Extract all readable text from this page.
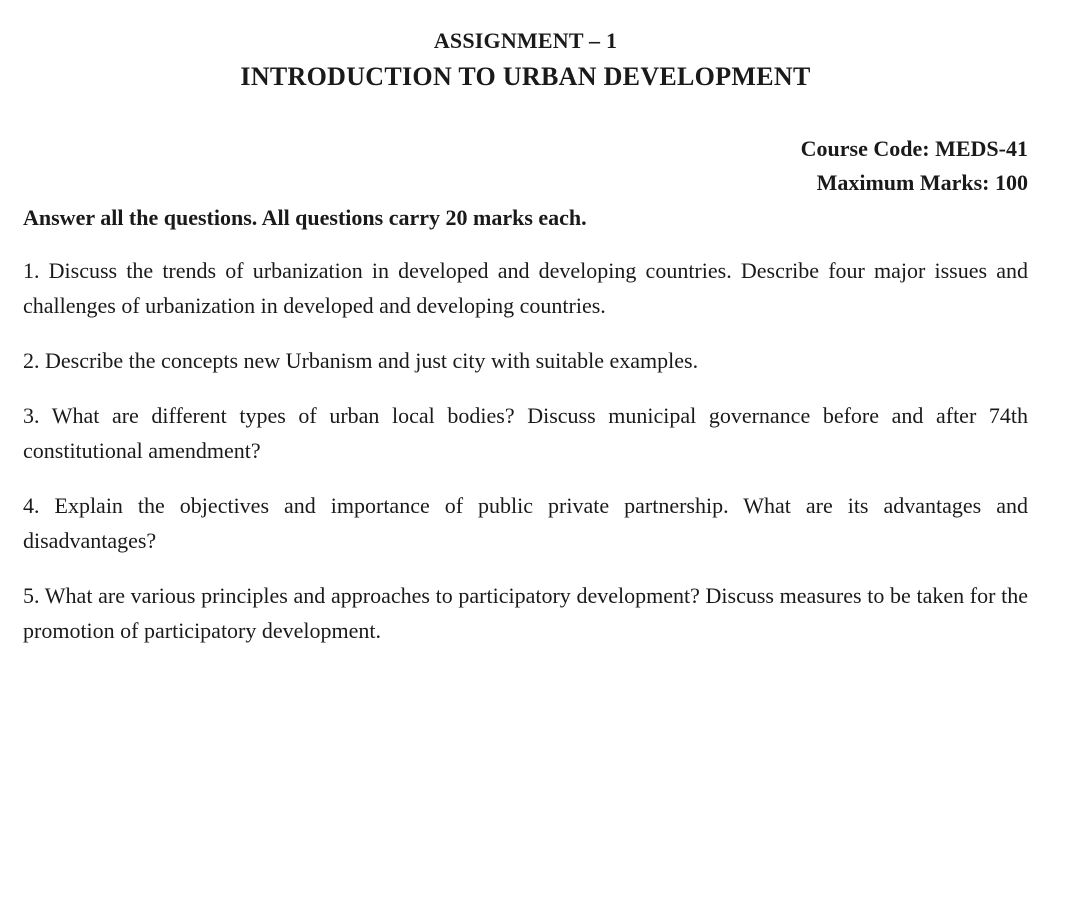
ASSIGNMENT – 1
INTRODUCTION TO URBAN DEVELOPMENT
Course Code: MEDS-41
Maximum Marks: 100
Answer all the questions. All questions carry 20 marks each.

1. Discuss the trends of urbanization in developed and developing countries. Describe four major issues and challenges of urbanization in developed and developing countries.

2. Describe the concepts new Urbanism and just city with suitable examples.

3. What are different types of urban local bodies? Discuss municipal governance before and after 74th constitutional amendment?

4. Explain the objectives and importance of public private partnership. What are its advantages and disadvantages?

5. What are various principles and approaches to participatory development? Discuss measures to be taken for the promotion of participatory development.
